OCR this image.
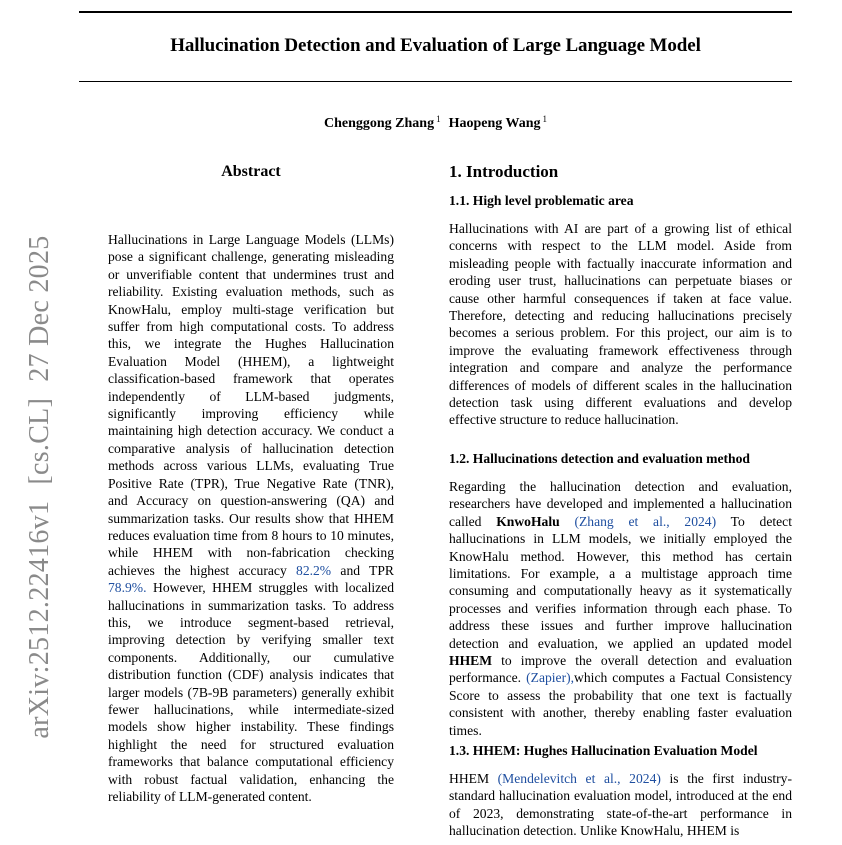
Hallucination Detection and Evaluation of Large Language Model
Chenggong Zhang $^1$ Haopeng Wang $^1$
arXiv:2512.22416v1[cs.CL]27 Dec 2025
Abstract
Hallucinations in Large Language Models (LLMs) pose a significant challenge, generating misleading or unverifiable content that undermines trust and reliability. Existing evaluation methods, such as KnowHalu, employ multi-stage verification but suffer from high computational costs. To address this, we integrate the Hughes Hallucination Evaluation Model (HHEM), a lightweight classification-based framework that operates independently of LLM-based judgments, significantly improving efficiency while maintaining high detection accuracy. We conduct a comparative analysis of hallucination detection methods across various LLMs, evaluating True Positive Rate (TPR), True Negative Rate (TNR), and Accuracy on question-answering (QA) and summarization tasks. Our results show that HHEM reduces evaluation time from 8 hours to 10 minutes, while HHEM with non-fabrication checking achieves the highest accuracy 82.2% and TPR 78.9%. However, HHEM struggles with localized hallucinations in summarization tasks. To address this, we introduce segment-based retrieval, improving detection by verifying smaller text components. Additionally, our cumulative distribution function (CDF) analysis indicates that larger models (7B-9B parameters) generally exhibit fewer hallucinations, while intermediate-sized models show higher instability. These findings highlight the need for structured evaluation frameworks that balance computational efficiency with robust factual validation, enhancing the reliability of LLM-generated content.
1. Introduction
1.1. High level problematic area
Hallucinations with AI are part of a growing list of ethical concerns with respect to the LLM model. Aside from misleading people with factually inaccurate information and eroding user trust, hallucinations can perpetuate biases or cause other harmful consequences if taken at face value. Therefore, detecting and reducing hallucinations precisely becomes a serious problem. For this project, our aim is to improve the evaluating framework effectiveness through integration and compare and analyze the performance differences of models of different scales in the hallucination detection task using different evaluations and develop effective structure to reduce hallucination.
1.2. Hallucinations detection and evaluation method
Regarding the hallucination detection and evaluation, researchers have developed and implemented a hallucination called KnwoHalu (Zhang et al., 2024) To detect hallucinations in LLM models, we initially employed the KnowHalu method. However, this method has certain limitations. For example, a a multistage approach time consuming and computationally heavy as it systematically processes and verifies information through each phase. To address these issues and further improve hallucination detection and evaluation, we applied an updated model HHEM to improve the overall detection and evaluation performance. (Zapier),which computes a Factual Consistency Score to assess the probability that one text is factually consistent with another, thereby enabling faster evaluation times.
1.3. HHEM: Hughes Hallucination Evaluation Model
HHEM (Mendelevitch et al., 2024) is the first industry-standard hallucination evaluation model, introduced at the end of 2023, demonstrating state-of-the-art performance in hallucination detection. Unlike KnowHalu, HHEM is
